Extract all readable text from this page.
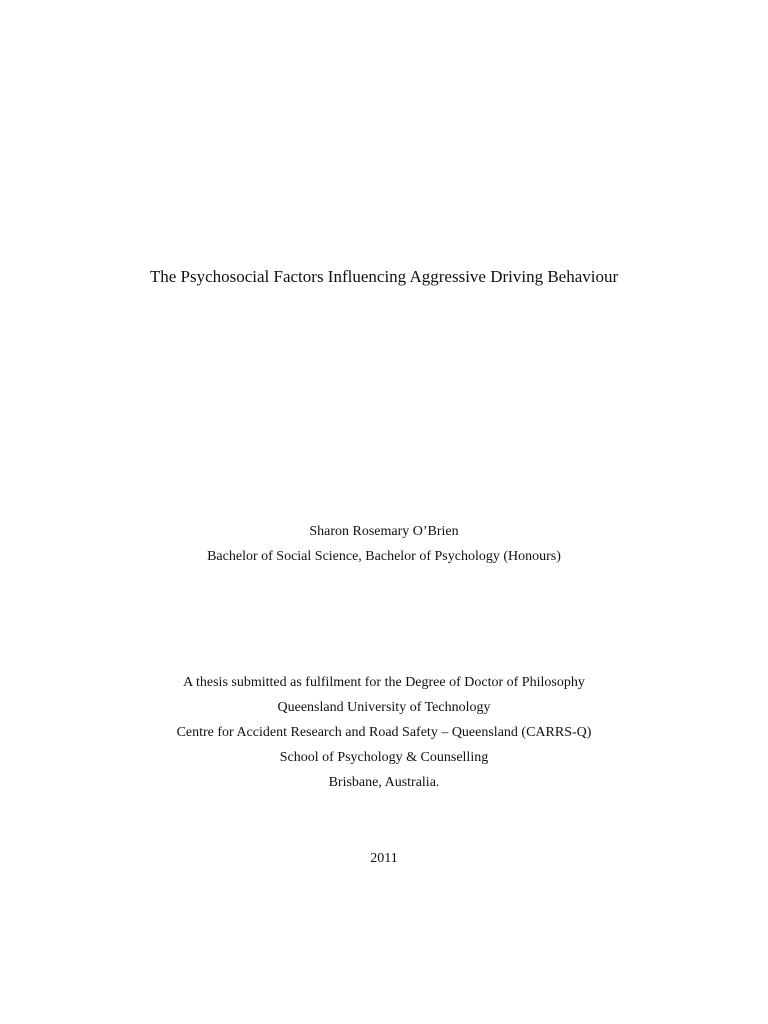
The Psychosocial Factors Influencing Aggressive Driving Behaviour
Sharon Rosemary O’Brien
Bachelor of Social Science, Bachelor of Psychology (Honours)
A thesis submitted as fulfilment for the Degree of Doctor of Philosophy
Queensland University of Technology
Centre for Accident Research and Road Safety – Queensland (CARRS-Q)
School of Psychology & Counselling
Brisbane, Australia.
2011
